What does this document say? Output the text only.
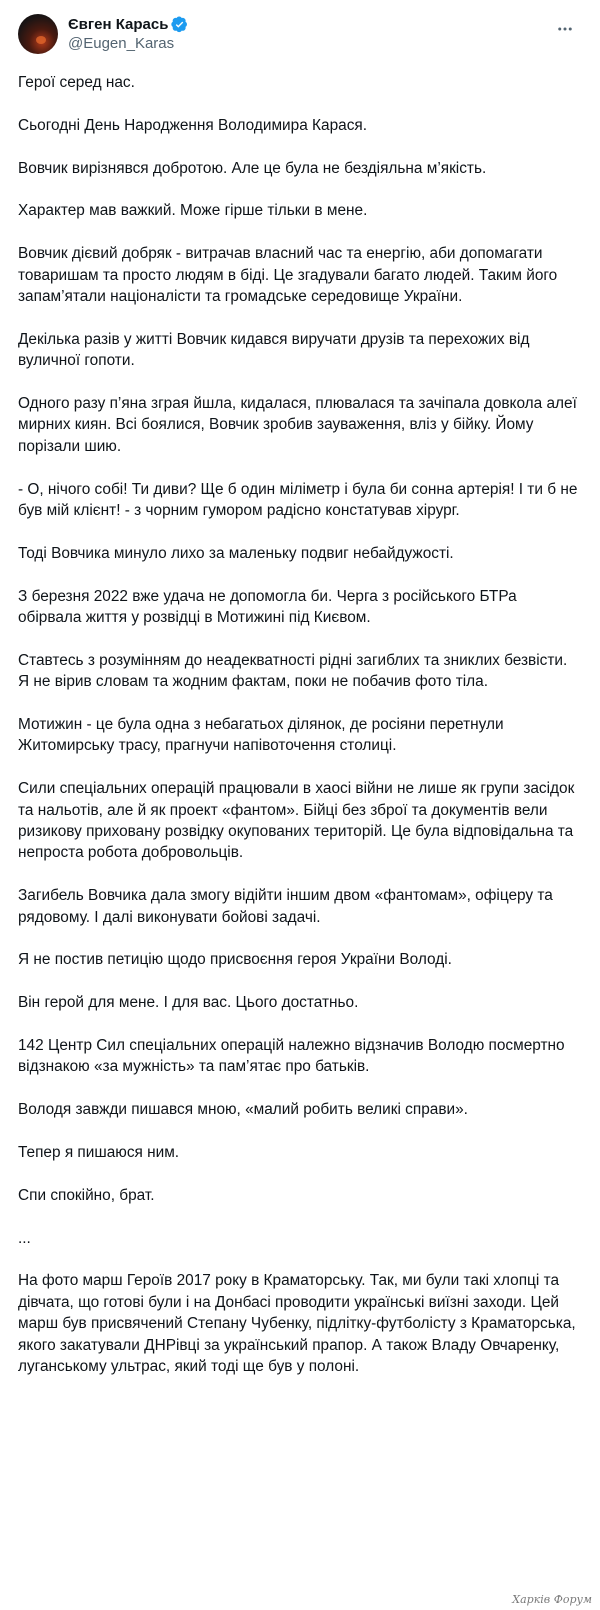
Євген Карась
@Eugen_Karas

Герої серед нас.

Сьогодні День Народження Володимира Карася.

Вовчик вирізнявся добротою. Але це була не бездіяльна м’якість.

Характер мав важкий. Може гірше тільки в мене.

Вовчик дієвий добряк - витрачав власний час та енергію, аби допомагати товаришам та просто людям в біді. Це згадували багато людей. Таким його запам’ятали націоналісти та громадське середовище України.

Декілька разів у житті Вовчик кидався виручати друзів та перехожих від вуличної гопоти.

Одного разу п’яна зграя йшла, кидалася, плювалася та зачіпала довкола алеї мирних киян. Всі боялися, Вовчик зробив зауваження, вліз у бійку. Йому порізали шию.

- О, нічого собі! Ти диви? Ще б один міліметр і була би сонна артерія! І ти б не був мій клієнт! - з чорним гумором радісно констатував хірург.

Тоді Вовчика минуло лихо за маленьку подвиг небайдужості.

З березня 2022 вже удача не допомогла би. Черга з російського БТРа обірвала життя у розвідці в Мотижині під Києвом.

Ставтесь з розумінням до неадекватності рідні загиблих та зниклих безвісти. Я не вірив словам та жодним фактам, поки не побачив фото тіла.

Мотижин - це була одна з небагатьох ділянок, де росіяни перетнули Житомирську трасу, прагнучи напівоточення столиці.

Сили спеціальних операцій працювали в хаосі війни не лише як групи засідок та нальотів, але й як проект «фантом». Бійці без зброї та документів вели ризикову приховану розвідку окупованих територій. Це була відповідальна та непроста робота добровольців.

Загибель Вовчика дала змогу відійти іншим двом «фантомам», офіцеру та рядовому. І далі виконувати бойові задачі.

Я не постив петицію щодо присвоєння героя України Володі.

Він герой для мене. І для вас. Цього достатньо.

142 Центр Сил спеціальних операцій належно відзначив Володю посмертно відзнакою «за мужність» та пам’ятає про батьків.

Володя завжди пишався мною, «малий робить великі справи».

Тепер я пишаюся ним.

Спи спокійно, брат.

...

На фото марш Героїв 2017 року в Краматорську. Так, ми були такі хлопці та дівчата, що готові були і на Донбасі проводити українські виїзні заходи. Цей марш був присвячений Степану Чубенку, підлітку-футболісту з Краматорська, якого закатували ДНРівці за український прапор. А також Владу Овчаренку, луганському ультрас, який тоді ще був у полоні.

Харків Форум
